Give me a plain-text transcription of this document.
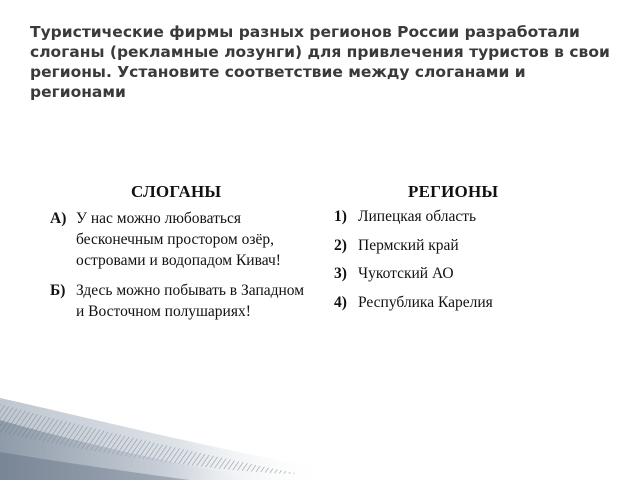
Туристические фирмы разных регионов России разработали слоганы (рекламные лозунги) для привлечения туристов в свои регионы. Установите соответствие между слоганами и регионами

СЛОГАНЫ	РЕГИОНЫ
А) У нас можно любоваться бесконечным простором озёр, островами и водопадом Кивач!
Б) Здесь можно побывать в Западном и Восточном полушариях!
1) Липецкая область
2) Пермский край
3) Чукотский АО
4) Республика Карелия
